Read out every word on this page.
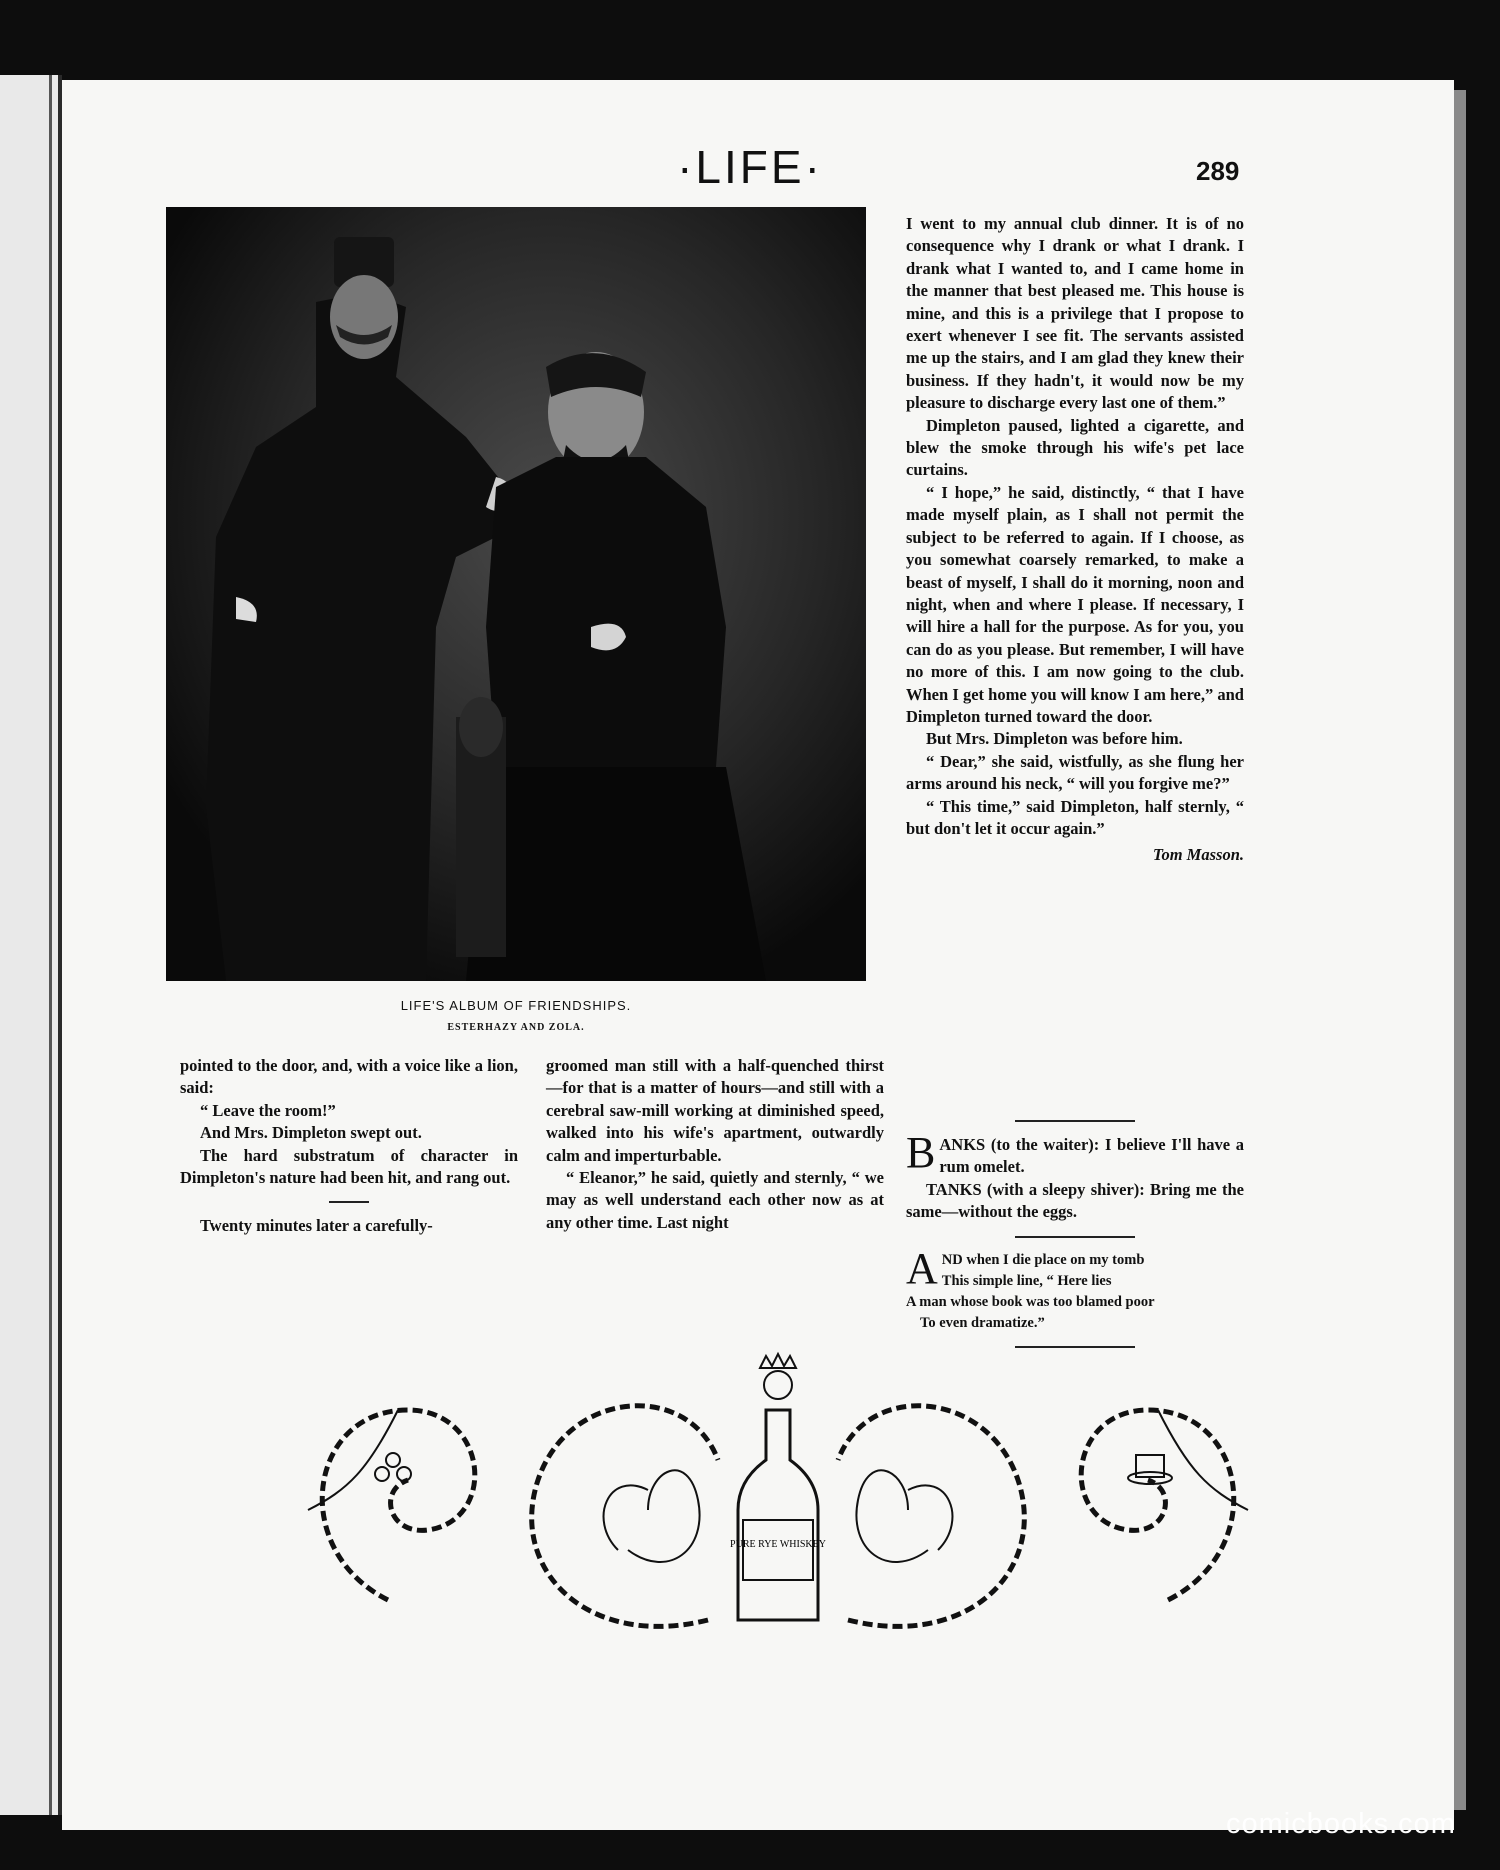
·LIFE·	289
LIFE'S ALBUM OF FRIENDSHIPS.
ESTERHAZY AND ZOLA.

pointed to the door, and, with a voice like a lion, said:

“ Leave the room!”

And Mrs. Dimpleton swept out.

The hard substratum of character in Dimpleton's nature had been hit, and rang out.

Twenty minutes later a carefully-

groomed man still with a half-quenched thirst—for that is a matter of hours—and still with a cerebral saw-mill working at diminished speed, walked into his wife's apartment, outwardly calm and imperturbable.

“ Eleanor,” he said, quietly and sternly, “ we may as well understand each other now as at any other time. Last night

I went to my annual club dinner. It is of no consequence why I drank or what I drank. I drank what I wanted to, and I came home in the manner that best pleased me. This house is mine, and this is a privilege that I propose to exert whenever I see fit. The servants assisted me up the stairs, and I am glad they knew their business. If they hadn't, it would now be my pleasure to discharge every last one of them.”

Dimpleton paused, lighted a cigarette, and blew the smoke through his wife's pet lace curtains.

“ I hope,” he said, distinctly, “ that I have made myself plain, as I shall not permit the subject to be referred to again. If I choose, as you somewhat coarsely remarked, to make a beast of myself, I shall do it morning, noon and night, when and where I please. If necessary, I will hire a hall for the purpose. As for you, you can do as you please. But remember, I will have no more of this. I am now going to the club. When I get home you will know I am here,” and Dimpleton turned toward the door.

But Mrs. Dimpleton was before him.

“ Dear,” she said, wistfully, as she flung her arms around his neck, “ will you forgive me?”

“ This time,” said Dimpleton, half sternly, “ but don't let it occur again.”

Tom Masson.

BANKS (to the waiter): I believe I'll have a rum omelet.

TANKS (with a sleepy shiver): Bring me the same—without the eggs.

AND when I die place on my tomb
This simple line, “ Here lies
A man whose book was too blamed poor
To even dramatize.”
PURE RYE WHISKEY
comicbooks.com
